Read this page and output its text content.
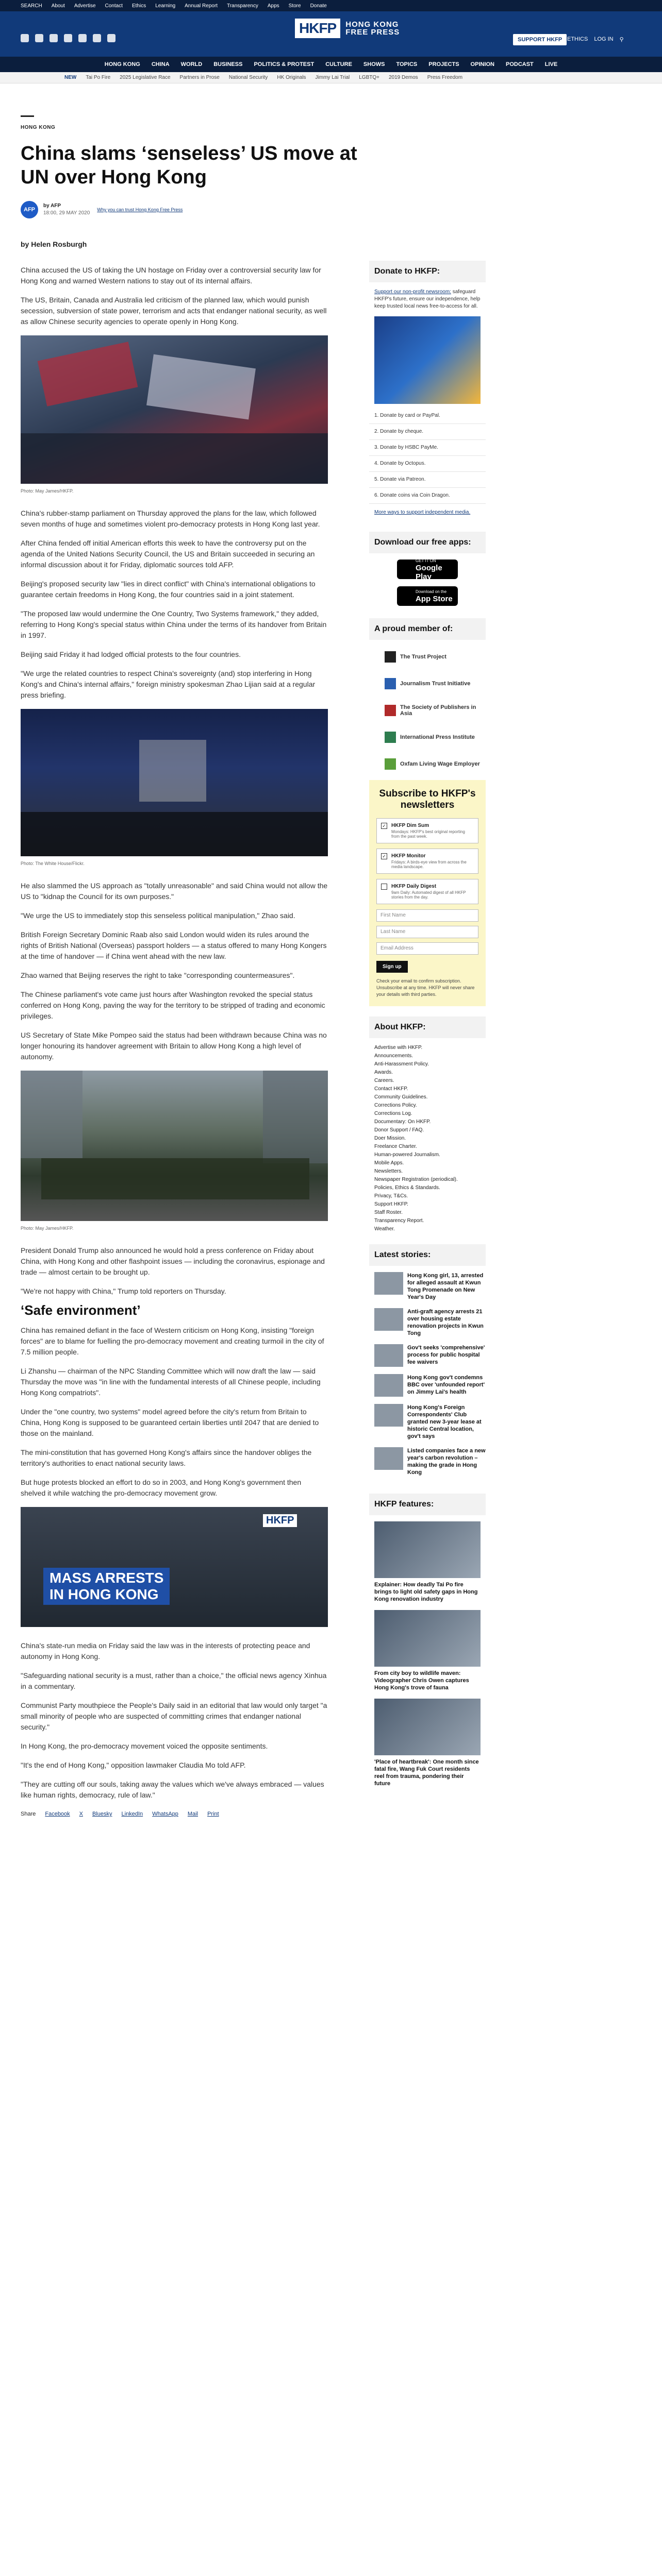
SEARCH About Advertise Contact Ethics Learning Annual Report Transparency Apps Store Donate
HKFP	HONG KONG
FREE PRESS
SUPPORT HKFP ETHICS LOG IN ⚲
HONG KONG CHINA WORLD BUSINESS POLITICS & PROTEST CULTURE SHOWS TOPICS PROJECTS OPINION PODCAST LIVE
NEW Tai Po Fire 2025 Legislative Race Partners in Prose National Security HK Originals Jimmy Lai Trial LGBTQ+ 2019 Demos Press Freedom
HONG KONG
China slams ‘senseless’ US move at UN over Hong Kong
AFP
by AFP
18:00, 29 MAY 2020
Why you can trust Hong Kong Free Press
by Helen Rosburgh

China accused the US of taking the UN hostage on Friday over a controversial security law for Hong Kong and warned Western nations to stay out of its internal affairs.

The US, Britain, Canada and Australia led criticism of the planned law, which would punish secession, subversion of state power, terrorism and acts that endanger national security, as well as allow Chinese security agencies to operate openly in Hong Kong.

Photo: May James/HKFP.

China's rubber-stamp parliament on Thursday approved the plans for the law, which followed seven months of huge and sometimes violent pro-democracy protests in Hong Kong last year.

After China fended off initial American efforts this week to have the controversy put on the agenda of the United Nations Security Council, the US and Britain succeeded in securing an informal discussion about it for Friday, diplomatic sources told AFP.

Beijing's proposed security law "lies in direct conflict" with China's international obligations to guarantee certain freedoms in Hong Kong, the four countries said in a joint statement.

"The proposed law would undermine the One Country, Two Systems framework," they added, referring to Hong Kong's special status within China under the terms of its handover from Britain in 1997.

Beijing said Friday it had lodged official protests to the four countries.

"We urge the related countries to respect China's sovereignty (and) stop interfering in Hong Kong's and China's internal affairs," foreign ministry spokesman Zhao Lijian said at a regular press briefing.

Photo: The White House/Flickr.

He also slammed the US approach as "totally unreasonable" and said China would not allow the US to "kidnap the Council for its own purposes."

"We urge the US to immediately stop this senseless political manipulation," Zhao said.

British Foreign Secretary Dominic Raab also said London would widen its rules around the rights of British National (Overseas) passport holders — a status offered to many Hong Kongers at the time of handover — if China went ahead with the new law.

Zhao warned that Beijing reserves the right to take "corresponding countermeasures".

The Chinese parliament's vote came just hours after Washington revoked the special status conferred on Hong Kong, paving the way for the territory to be stripped of trading and economic privileges.

US Secretary of State Mike Pompeo said the status had been withdrawn because China was no longer honouring its handover agreement with Britain to allow Hong Kong a high level of autonomy.

Photo: May James/HKFP.

President Donald Trump also announced he would hold a press conference on Friday about China, with Hong Kong and other flashpoint issues — including the coronavirus, espionage and trade — almost certain to be brought up.

"We're not happy with China," Trump told reporters on Thursday.

‘Safe environment’

China has remained defiant in the face of Western criticism on Hong Kong, insisting "foreign forces" are to blame for fuelling the pro-democracy movement and creating turmoil in the city of 7.5 million people.

Li Zhanshu — chairman of the NPC Standing Committee which will now draft the law — said Thursday the move was "in line with the fundamental interests of all Chinese people, including Hong Kong compatriots".

Under the "one country, two systems" model agreed before the city's return from Britain to China, Hong Kong is supposed to be guaranteed certain liberties until 2047 that are denied to those on the mainland.

The mini-constitution that has governed Hong Kong's affairs since the handover obliges the territory's authorities to enact national security laws.

But huge protests blocked an effort to do so in 2003, and Hong Kong's government then shelved it while watching the pro-democracy movement grow.

HKFP
MASS ARRESTS
IN HONG KONG

China's state-run media on Friday said the law was in the interests of protecting peace and autonomy in Hong Kong.

"Safeguarding national security is a must, rather than a choice," the official news agency Xinhua in a commentary.

Communist Party mouthpiece the People's Daily said in an editorial that law would only target "a small minority of people who are suspected of committing crimes that endanger national security."

In Hong Kong, the pro-democracy movement voiced the opposite sentiments.

"It's the end of Hong Kong," opposition lawmaker Claudia Mo told AFP.

"They are cutting off our souls, taking away the values which we've always embraced — values like human rights, democracy, rule of law."

Share Facebook X Bluesky LinkedIn WhatsApp Mail Print
Donate to HKFP:
Support our non-profit newsroom: safeguard HKFP's future, ensure our independence, help keep trusted local news free-to-access for all.
1. Donate by card or PayPal.
2. Donate by cheque.
3. Donate by HSBC PayMe.
4. Donate by Octopus.
5. Donate via Patreon.
6. Donate coins via Coin Dragon.
More ways to support independent media.
Download our free apps:
GET IT ON
Google Play
Download on the
App Store
A proud member of:
The Trust Project
Journalism Trust Initiative
The Society of Publishers in Asia
International Press Institute
Oxfam Living Wage Employer
Subscribe to HKFP's newsletters
✓ HKFP Dim Sum
Mondays: HKFP's best original reporting from the past week.
✓ HKFP Monitor
Fridays: A birds-eye view from across the media landscape.
HKFP Daily Digest
9am Daily: Automated digest of all HKFP stories from the day.
First Name
Last Name
Email Address
Sign up
Check your email to confirm subscription. Unsubscribe at any time. HKFP will never share your details with third parties.
About HKFP:
Advertise with HKFP.
Announcements.
Anti-Harassment Policy.
Awards.
Careers.
Contact HKFP.
Community Guidelines.
Corrections Policy.
Corrections Log.
Documentary: On HKFP.
Donor Support / FAQ.
Doer Mission.
Freelance Charter.
Human-powered Journalism.
Mobile Apps.
Newsletters.
Newspaper Registration (periodical).
Policies, Ethics & Standards.
Privacy, T&Cs.
Support HKFP.
Staff Roster.
Transparency Report.
Weather.
Latest stories:
Hong Kong girl, 13, arrested for alleged assault at Kwun Tong Promenade on New Year's Day
Anti-graft agency arrests 21 over housing estate renovation projects in Kwun Tong
Gov't seeks 'comprehensive' process for public hospital fee waivers
Hong Kong gov't condemns BBC over 'unfounded report' on Jimmy Lai's health
Hong Kong's Foreign Correspondents' Club granted new 3-year lease at historic Central location, gov't says
Listed companies face a new year's carbon revolution – making the grade in Hong Kong
HKFP features:
Explainer: How deadly Tai Po fire brings to light old safety gaps in Hong Kong renovation industry
From city boy to wildlife maven: Videographer Chris Owen captures Hong Kong's trove of fauna
'Place of heartbreak': One month since fatal fire, Wang Fuk Court residents reel from trauma, pondering their future
